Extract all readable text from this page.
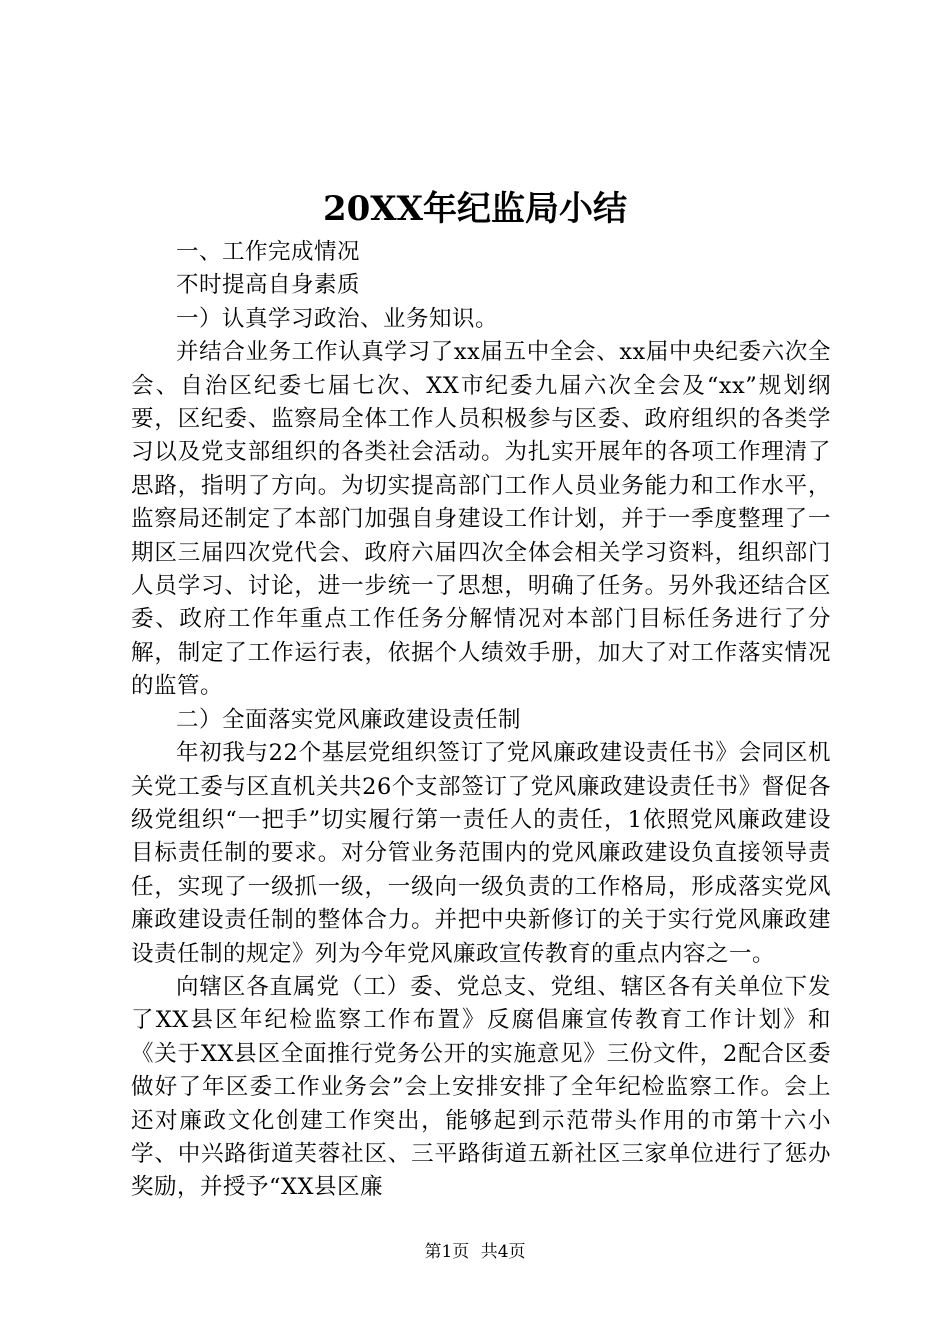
20XX年纪监局小结

一、工作完成情况

不时提高自身素质

一）认真学习政治、业务知识。

并结合业务工作认真学习了xx届五中全会、xx届中央纪委六次全会、自治区纪委七届七次、XX市纪委九届六次全会及“xx”规划纲要，区纪委、监察局全体工作人员积极参与区委、政府组织的各类学习以及党支部组织的各类社会活动。为扎实开展年的各项工作理清了思路，指明了方向。为切实提高部门工作人员业务能力和工作水平，监察局还制定了本部门加强自身建设工作计划，并于一季度整理了一期区三届四次党代会、政府六届四次全体会相关学习资料，组织部门人员学习、讨论，进一步统一了思想，明确了任务。另外我还结合区委、政府工作年重点工作任务分解情况对本部门目标任务进行了分解，制定了工作运行表，依据个人绩效手册，加大了对工作落实情况的监管。

二）全面落实党风廉政建设责任制

年初我与22个基层党组织签订了党风廉政建设责任书》会同区机关党工委与区直机关共26个支部签订了党风廉政建设责任书》督促各级党组织“一把手”切实履行第一责任人的责任，1依照党风廉政建设目标责任制的要求。对分管业务范围内的党风廉政建设负直接领导责任，实现了一级抓一级，一级向一级负责的工作格局，形成落实党风廉政建设责任制的整体合力。并把中央新修订的关于实行党风廉政建设责任制的规定》列为今年党风廉政宣传教育的重点内容之一。

向辖区各直属党（工）委、党总支、党组、辖区各有关单位下发了XX县区年纪检监察工作布置》反腐倡廉宣传教育工作计划》和《关于XX县区全面推行党务公开的实施意见》三份文件，2配合区委做好了年区委工作业务会”会上安排安排了全年纪检监察工作。会上还对廉政文化创建工作突出，能够起到示范带头作用的市第十六小学、中兴路街道芙蓉社区、三平路街道五新社区三家单位进行了惩办奖励，并授予“XX县区廉

第1页 共4页
